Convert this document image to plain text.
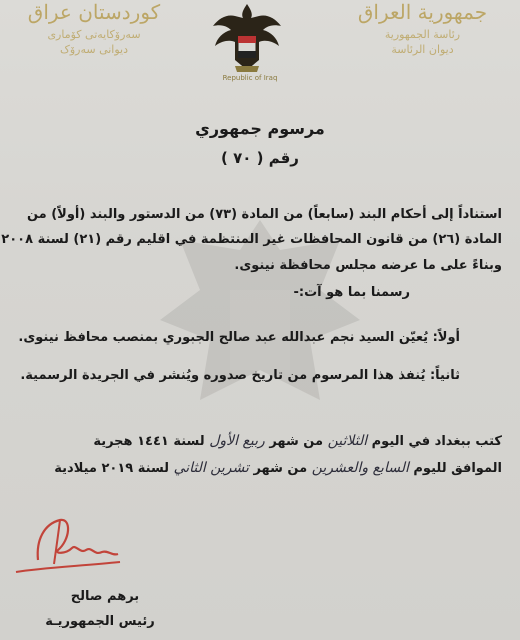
كوردستان عراق
سەرۆکایەتی کۆماری
دیوانی سەرۆک
Republic of Iraq
جمهورية العراق
رئاسة الجمهورية
ديوان الرئاسة
مرسوم جمهوري
رقم ( ٧٠ )
استناداً إلى أحكام البند (سابعاً) من المادة (٧٣) من الدستور والبند (أولاً) من
المادة (٢٦) من قانون المحافظات غير المنتظمة في اقليم رقم (٢١) لسنة ٢٠٠٨
وبناءً على ما عرضه مجلس محافظة نينوى.
رسمنا بما هو آت:-
أولاً: يُعيّن السيد نجم عبدالله عبد صالح الجبوري بمنصب محافظ نينوى.
ثانياً: يُنفذ هذا المرسوم من تاريخ صدوره ويُنشر في الجريدة الرسمية.
كتب ببغداد في اليوم الثلاثين من شهر ربيع الأول لسنة ١٤٤١ هجرية
الموافق لليوم السابع والعشرين من شهر تشرين الثاني لسنة ٢٠١٩ ميلادية
برهم صالح
رئيس الجمهوريـة
